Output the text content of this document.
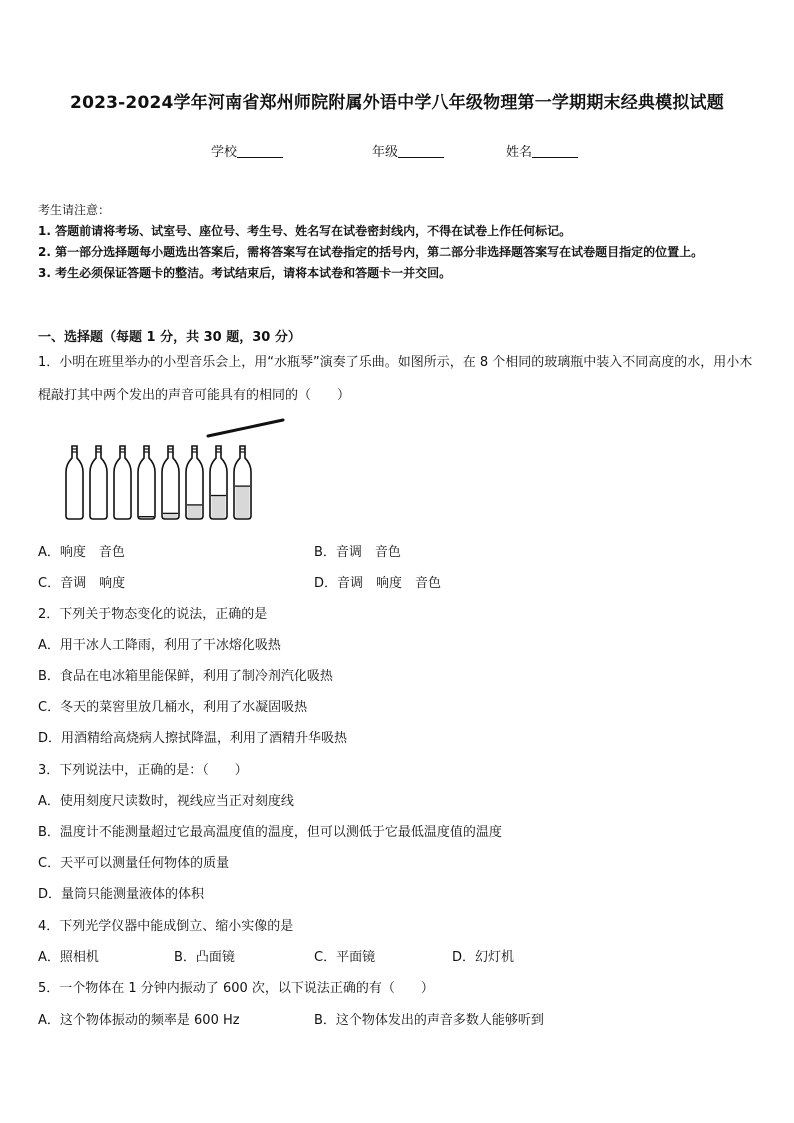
2023-2024学年河南省郑州师院附属外语中学八年级物理第一学期期末经典模拟试题
学校	年级	姓名
考生请注意：
1. 答题前请将考场、试室号、座位号、考生号、姓名写在试卷密封线内，不得在试卷上作任何标记。
2. 第一部分选择题每小题选出答案后，需将答案写在试卷指定的括号内，第二部分非选择题答案写在试卷题目指定的位置上。
3. 考生必须保证答题卡的整洁。考试结束后，请将本试卷和答题卡一并交回。
一、选择题（每题 1 分，共 30 题，30 分）
1．小明在班里举办的小型音乐会上，用“水瓶琴”演奏了乐曲。如图所示，在 8 个相同的玻璃瓶中装入不同高度的水，用小木棍敲打其中两个发出的声音可能具有的相同的（　　）
A．响度　音色	B．音调　音色
C．音调　响度	D．音调　响度　音色
2．下列关于物态变化的说法，正确的是
A．用干冰人工降雨，利用了干冰熔化吸热
B．食品在电冰箱里能保鲜，利用了制冷剂汽化吸热
C．冬天的菜窖里放几桶水，利用了水凝固吸热
D．用酒精给高烧病人擦拭降温，利用了酒精升华吸热
3．下列说法中，正确的是：（　　）
A．使用刻度尺读数时，视线应当正对刻度线
B．温度计不能测量超过它最高温度值的温度，但可以测低于它最低温度值的温度
C．天平可以测量任何物体的质量
D．量筒只能测量液体的体积
4．下列光学仪器中能成倒立、缩小实像的是
A．照相机	B．凸面镜	C．平面镜	D．幻灯机
5．一个物体在 1 分钟内振动了 600 次，以下说法正确的有（　　）
A．这个物体振动的频率是 600 Hz	B．这个物体发出的声音多数人能够听到
